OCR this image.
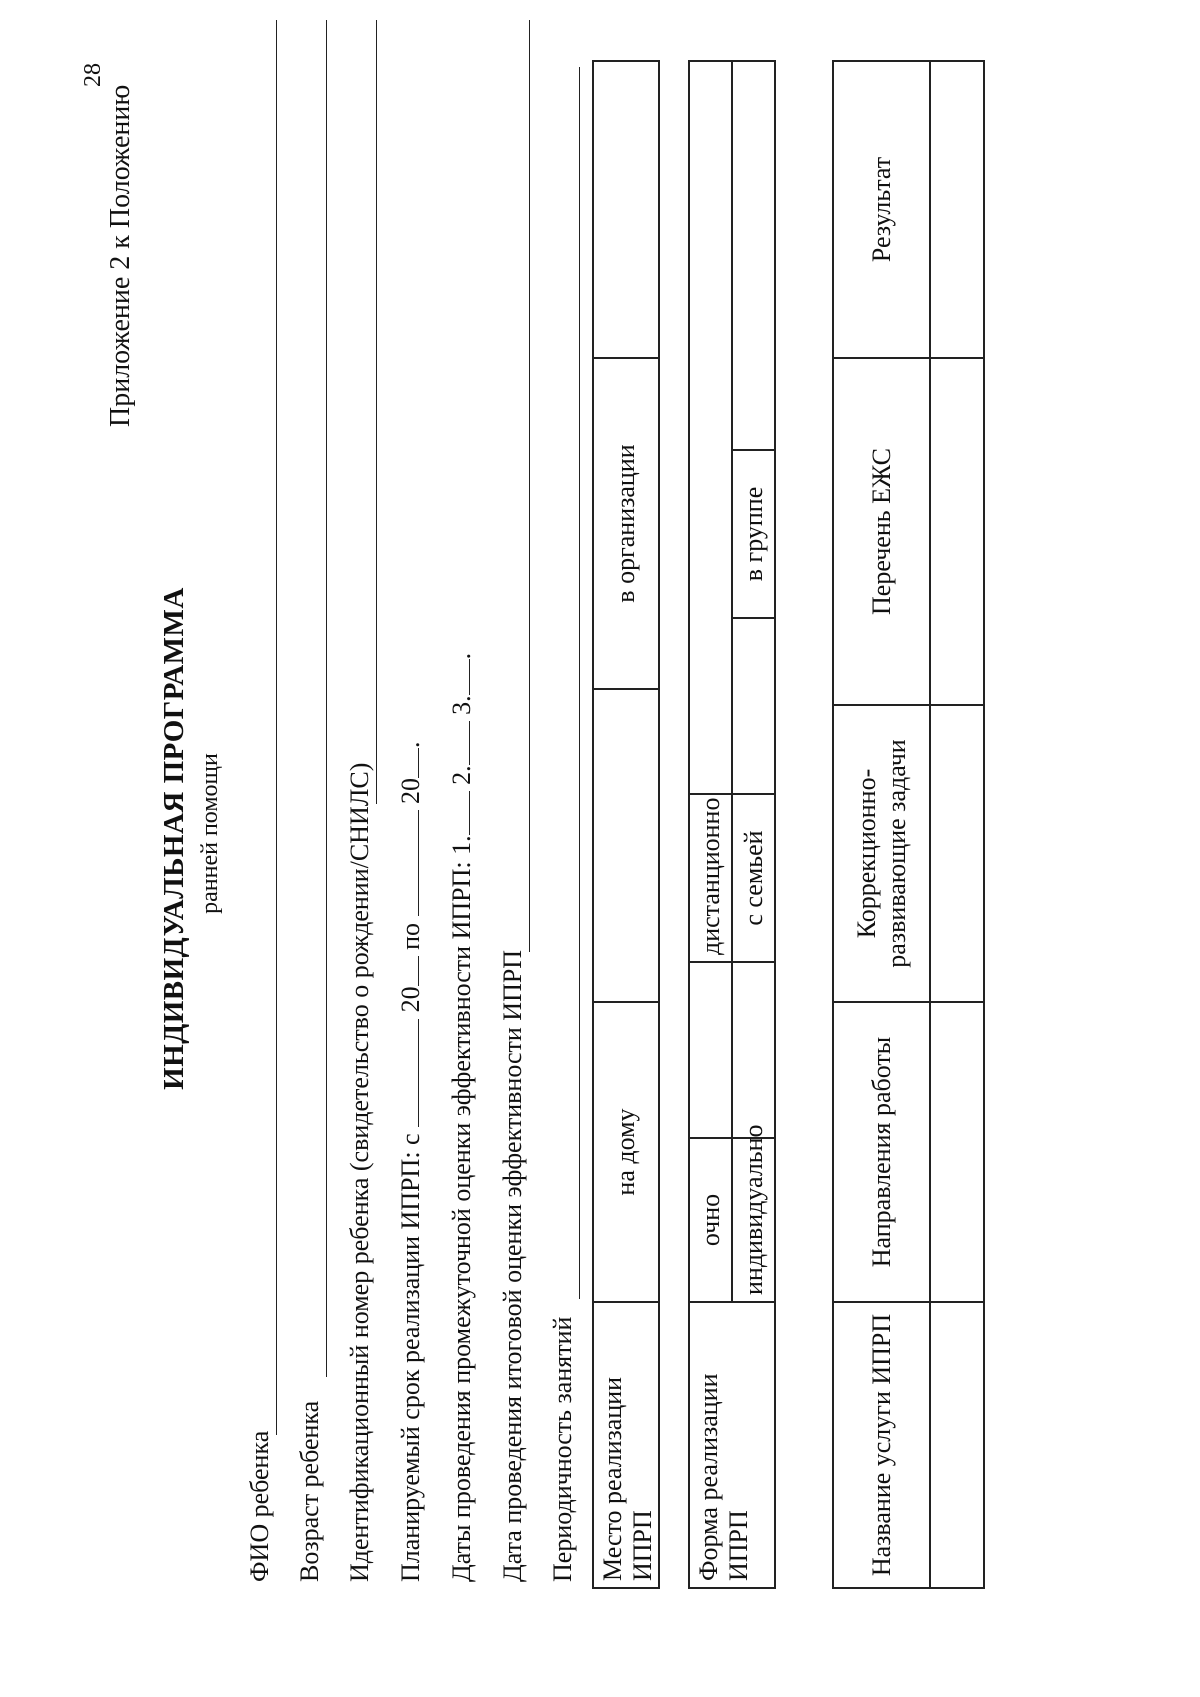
28
Приложение 2 к Положению
ИНДИВИДУАЛЬНАЯ ПРОГРАММА ранней помощи
ФИО ребенка Возраст ребенка Идентификационный номер ребенка (свидетельство о рождении/СНИЛС) Планируемый срок реализации ИПРП: с  20 по  20.
Даты проведения промежуточной оценки эффективности ИПРП: 1. 2. 3..
Дата проведения итоговой оценки эффективности ИПРП Периодичность занятий Место реализации ИПРП	на дому		в организации	
Форма реализации ИПРП	очно		дистанционно			
	индивидуально		с семьей		в группе	
Название услуги ИПРП	Направления работы	Коррекционно-развивающие задачи	Перечень ЕЖС	Результат
